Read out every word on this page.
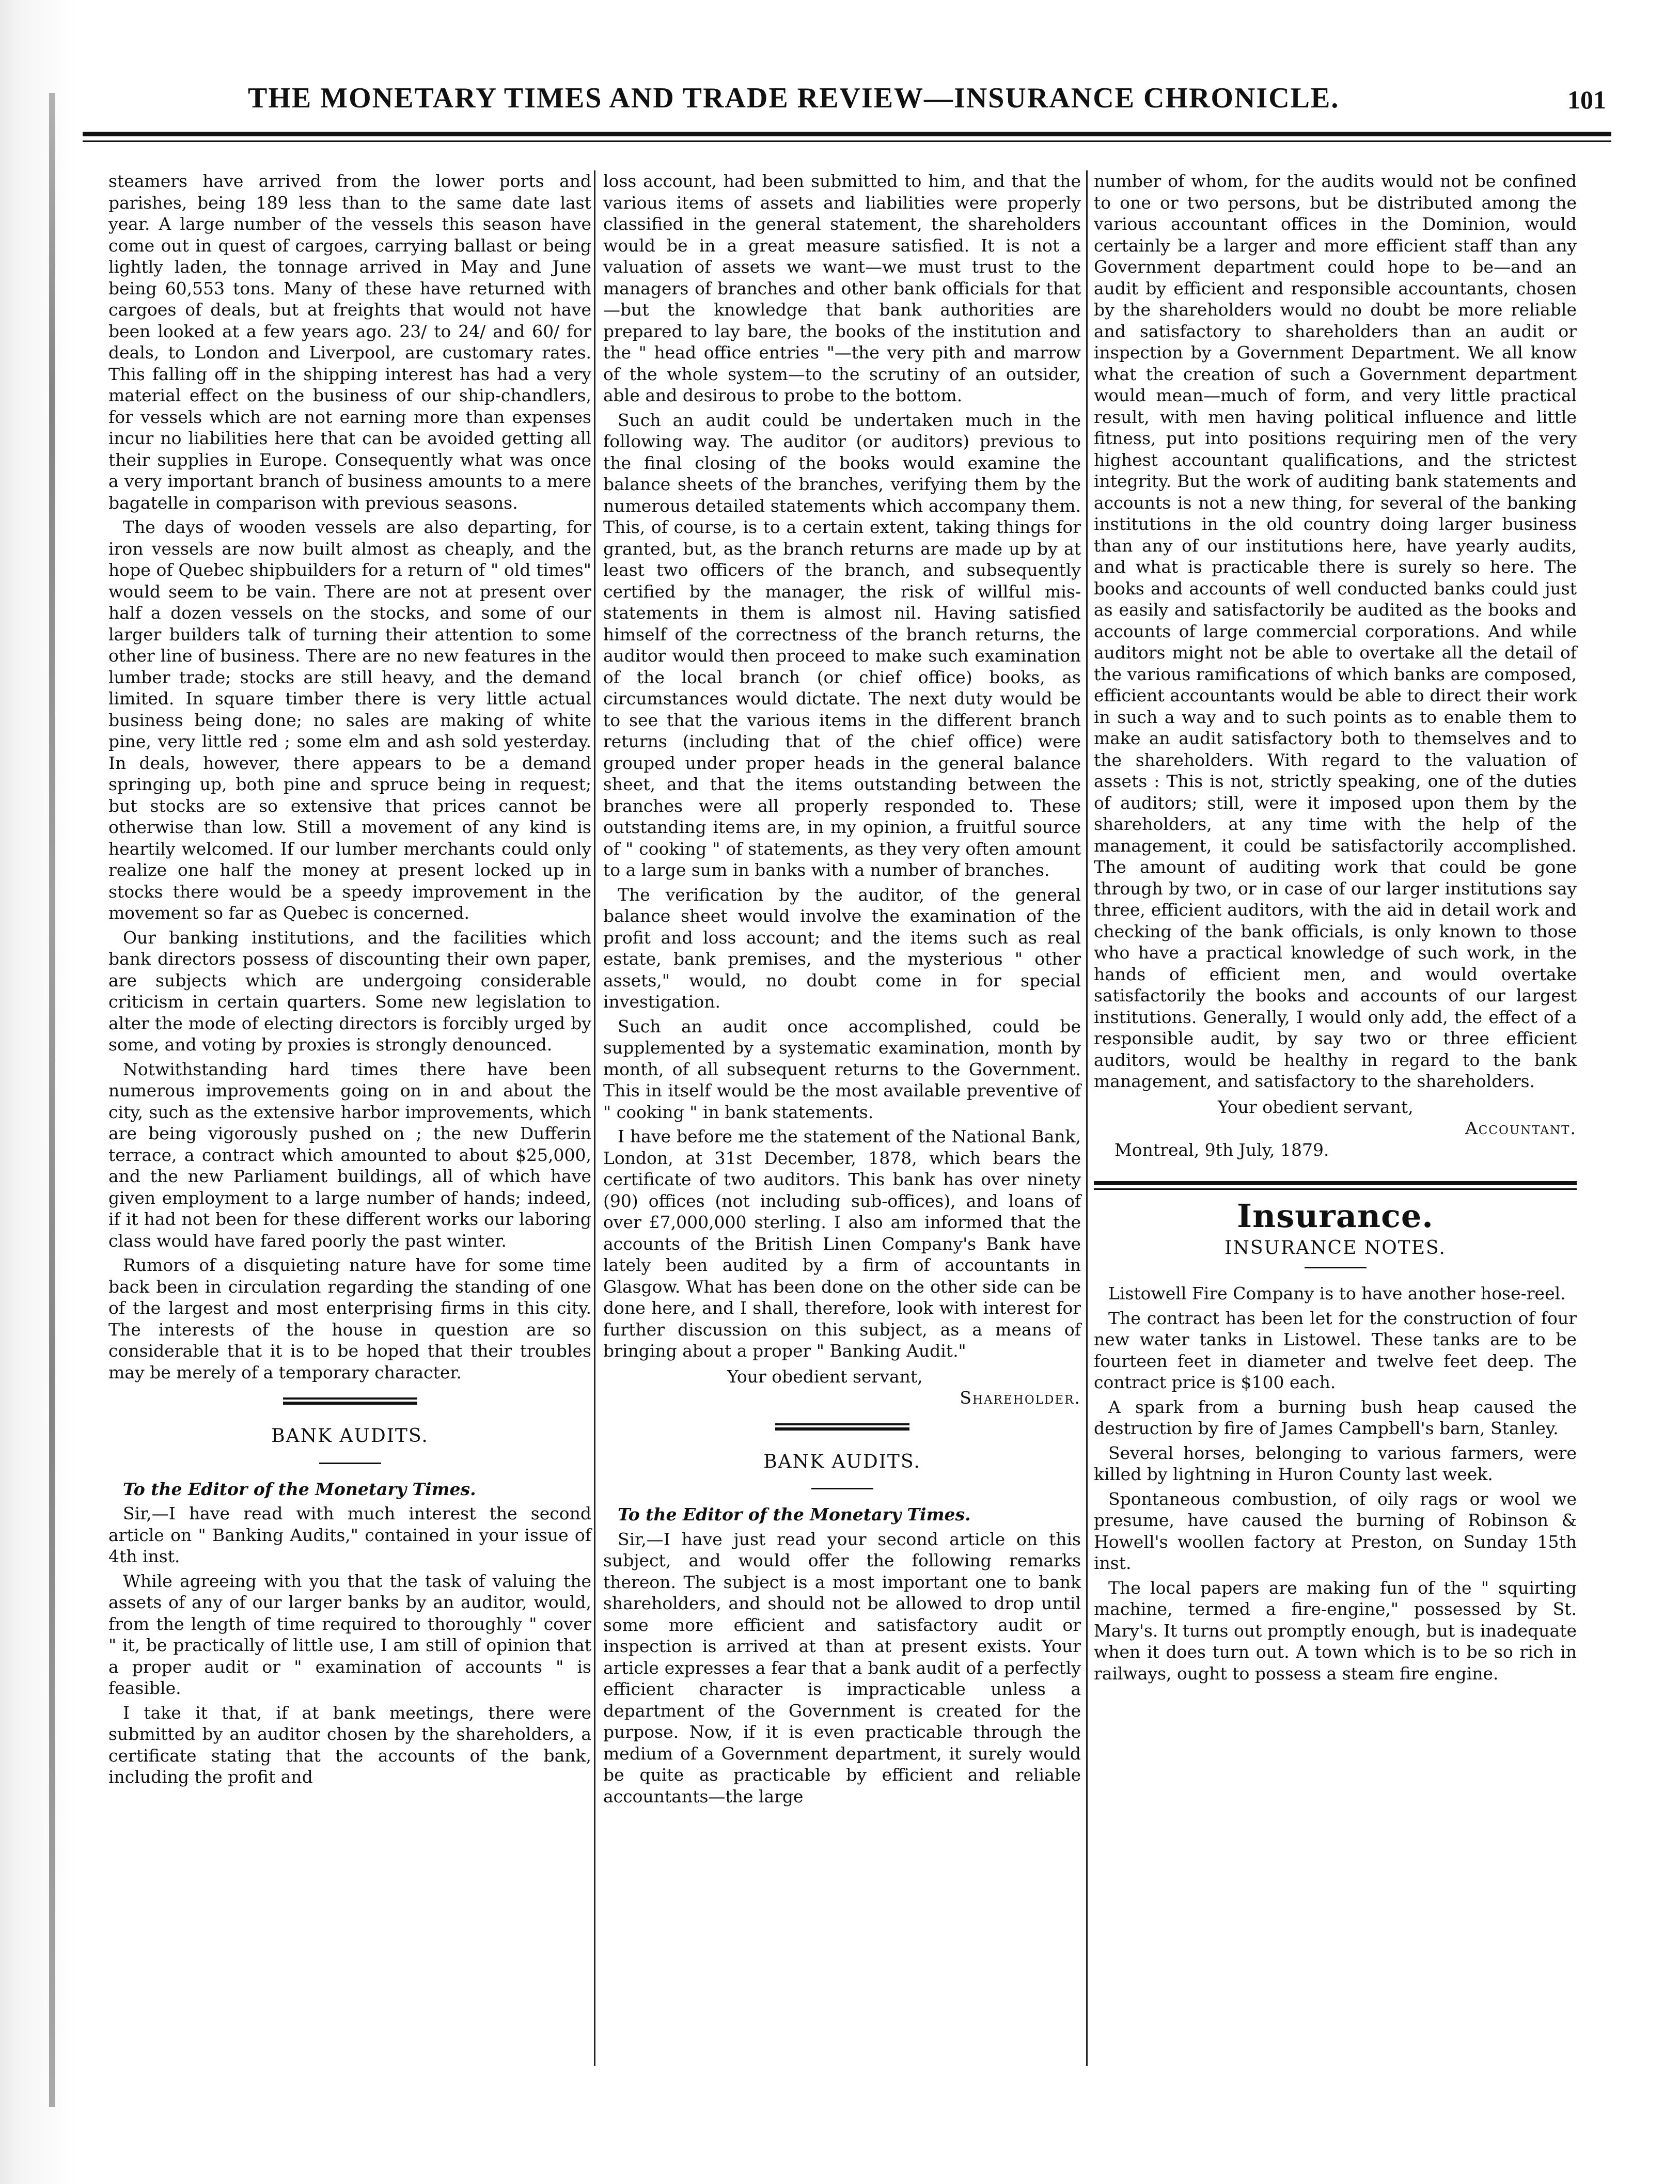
THE MONETARY TIMES AND TRADE REVIEW—INSURANCE CHRONICLE.	101

steamers have arrived from the lower ports and parishes, being 189 less than to the same date last year. A large number of the vessels this season have come out in quest of cargoes, carrying ballast or being lightly laden, the tonnage arrived in May and June being 60,553 tons. Many of these have returned with cargoes of deals, but at freights that would not have been looked at a few years ago. 23/ to 24/ and 60/ for deals, to London and Liverpool, are customary rates. This falling off in the shipping interest has had a very material effect on the business of our ship-chandlers, for vessels which are not earning more than expenses incur no liabilities here that can be avoided getting all their supplies in Europe. Consequently what was once a very important branch of business amounts to a mere bagatelle in comparison with previous seasons.

The days of wooden vessels are also departing, for iron vessels are now built almost as cheaply, and the hope of Quebec shipbuilders for a return of " old times" would seem to be vain. There are not at present over half a dozen vessels on the stocks, and some of our larger builders talk of turning their attention to some other line of business. There are no new features in the lumber trade; stocks are still heavy, and the demand limited. In square timber there is very little actual business being done; no sales are making of white pine, very little red ; some elm and ash sold yesterday. In deals, however, there appears to be a demand springing up, both pine and spruce being in request; but stocks are so extensive that prices cannot be otherwise than low. Still a movement of any kind is heartily welcomed. If our lumber merchants could only realize one half the money at present locked up in stocks there would be a speedy improvement in the movement so far as Quebec is concerned.

Our banking institutions, and the facilities which bank directors possess of discounting their own paper, are subjects which are undergoing considerable criticism in certain quarters. Some new legislation to alter the mode of electing directors is forcibly urged by some, and voting by proxies is strongly denounced.

Notwithstanding hard times there have been numerous improvements going on in and about the city, such as the extensive harbor improvements, which are being vigorously pushed on ; the new Dufferin terrace, a contract which amounted to about $25,000, and the new Parliament buildings, all of which have given employment to a large number of hands; indeed, if it had not been for these different works our laboring class would have fared poorly the past winter.

Rumors of a disquieting nature have for some time back been in circulation regarding the standing of one of the largest and most enterprising firms in this city. The interests of the house in question are so considerable that it is to be hoped that their troubles may be merely of a temporary character.

BANK AUDITS.

To the Editor of the Monetary Times.

Sir,—I have read with much interest the second article on " Banking Audits," contained in your issue of 4th inst.

While agreeing with you that the task of valuing the assets of any of our larger banks by an auditor, would, from the length of time required to thoroughly " cover " it, be practically of little use, I am still of opinion that a proper audit or " examination of accounts " is feasible.

I take it that, if at bank meetings, there were submitted by an auditor chosen by the shareholders, a certificate stating that the accounts of the bank, including the profit and

loss account, had been submitted to him, and that the various items of assets and liabilities were properly classified in the general statement, the shareholders would be in a great measure satisfied. It is not a valuation of assets we want—we must trust to the managers of branches and other bank officials for that—but the knowledge that bank authorities are prepared to lay bare, the books of the institution and the " head office entries "—the very pith and marrow of the whole system—to the scrutiny of an outsider, able and desirous to probe to the bottom.

Such an audit could be undertaken much in the following way. The auditor (or auditors) previous to the final closing of the books would examine the balance sheets of the branches, verifying them by the numerous detailed statements which accompany them. This, of course, is to a certain extent, taking things for granted, but, as the branch returns are made up by at least two officers of the branch, and subsequently certified by the manager, the risk of willful mis-statements in them is almost nil. Having satisfied himself of the correctness of the branch returns, the auditor would then proceed to make such examination of the local branch (or chief office) books, as circumstances would dictate. The next duty would be to see that the various items in the different branch returns (including that of the chief office) were grouped under proper heads in the general balance sheet, and that the items outstanding between the branches were all properly responded to. These outstanding items are, in my opinion, a fruitful source of " cooking " of statements, as they very often amount to a large sum in banks with a number of branches.

The verification by the auditor, of the general balance sheet would involve the examination of the profit and loss account; and the items such as real estate, bank premises, and the mysterious " other assets," would, no doubt come in for special investigation.

Such an audit once accomplished, could be supplemented by a systematic examination, month by month, of all subsequent returns to the Government. This in itself would be the most available preventive of " cooking " in bank statements.

I have before me the statement of the National Bank, London, at 31st December, 1878, which bears the certificate of two auditors. This bank has over ninety (90) offices (not including sub-offices), and loans of over £7,000,000 sterling. I also am informed that the accounts of the British Linen Company's Bank have lately been audited by a firm of accountants in Glasgow. What has been done on the other side can be done here, and I shall, therefore, look with interest for further discussion on this subject, as a means of bringing about a proper " Banking Audit."

Your obedient servant,
Shareholder.
BANK AUDITS.

To the Editor of the Monetary Times.

Sir,—I have just read your second article on this subject, and would offer the following remarks thereon. The subject is a most important one to bank shareholders, and should not be allowed to drop until some more efficient and satisfactory audit or inspection is arrived at than at present exists. Your article expresses a fear that a bank audit of a perfectly efficient character is impracticable unless a department of the Government is created for the purpose. Now, if it is even practicable through the medium of a Government department, it surely would be quite as practicable by efficient and reliable accountants—the large

number of whom, for the audits would not be confined to one or two persons, but be distributed among the various accountant offices in the Dominion, would certainly be a larger and more efficient staff than any Government department could hope to be—and an audit by efficient and responsible accountants, chosen by the shareholders would no doubt be more reliable and satisfactory to shareholders than an audit or inspection by a Government Department. We all know what the creation of such a Government department would mean—much of form, and very little practical result, with men having political influence and little fitness, put into positions requiring men of the very highest accountant qualifications, and the strictest integrity. But the work of auditing bank statements and accounts is not a new thing, for several of the banking institutions in the old country doing larger business than any of our institutions here, have yearly audits, and what is practicable there is surely so here. The books and accounts of well conducted banks could just as easily and satisfactorily be audited as the books and accounts of large commercial corporations. And while auditors might not be able to overtake all the detail of the various ramifications of which banks are composed, efficient accountants would be able to direct their work in such a way and to such points as to enable them to make an audit satisfactory both to themselves and to the shareholders. With regard to the valuation of assets : This is not, strictly speaking, one of the duties of auditors; still, were it imposed upon them by the shareholders, at any time with the help of the management, it could be satisfactorily accomplished. The amount of auditing work that could be gone through by two, or in case of our larger institutions say three, efficient auditors, with the aid in detail work and checking of the bank officials, is only known to those who have a practical knowledge of such work, in the hands of efficient men, and would overtake satisfactorily the books and accounts of our largest institutions. Generally, I would only add, the effect of a responsible audit, by say two or three efficient auditors, would be healthy in regard to the bank management, and satisfactory to the shareholders.

Your obedient servant,
Accountant.
Montreal, 9th July, 1879.
Insurance.
INSURANCE NOTES.

Listowell Fire Company is to have another hose-reel.

The contract has been let for the construction of four new water tanks in Listowel. These tanks are to be fourteen feet in diameter and twelve feet deep. The contract price is $100 each.

A spark from a burning bush heap caused the destruction by fire of James Campbell's barn, Stanley.

Several horses, belonging to various farmers, were killed by lightning in Huron County last week.

Spontaneous combustion, of oily rags or wool we presume, have caused the burning of Robinson & Howell's woollen factory at Preston, on Sunday 15th inst.

The local papers are making fun of the " squirting machine, termed a fire-engine," possessed by St. Mary's. It turns out promptly enough, but is inadequate when it does turn out. A town which is to be so rich in railways, ought to possess a steam fire engine.
